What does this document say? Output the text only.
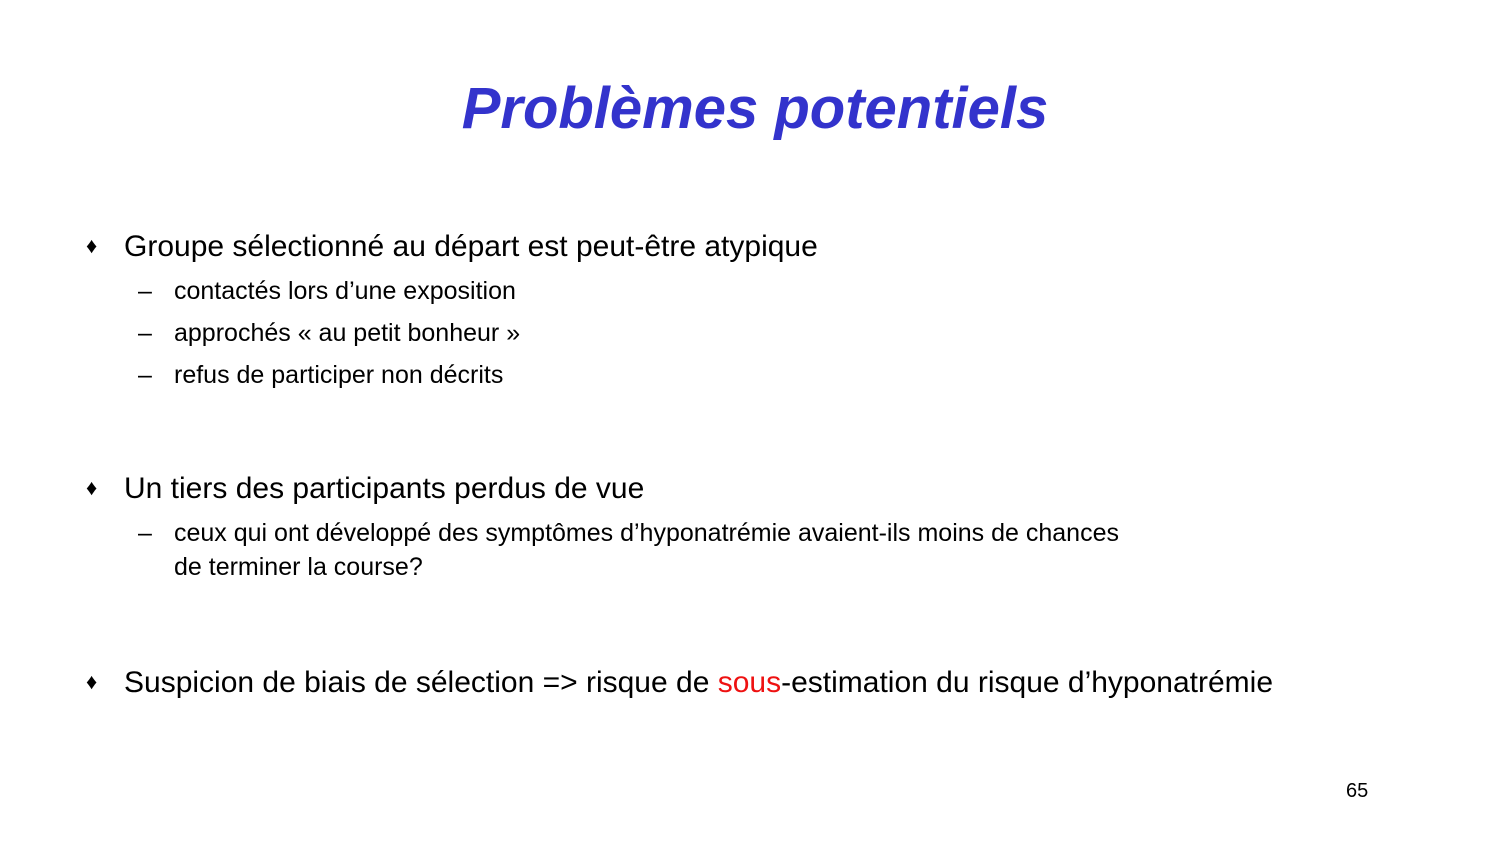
Problèmes potentiels
♦ Groupe sélectionné au départ est peut-être atypique
– contactés lors d’une exposition
– approchés « au petit bonheur »
– refus de participer non décrits
♦ Un tiers des participants perdus de vue
– ceux qui ont développé des symptômes d’hyponatrémie avaient-ils moins de chances
de terminer la course?
♦ Suspicion de biais de sélection => risque de sous-estimation du risque d’hyponatrémie
65
